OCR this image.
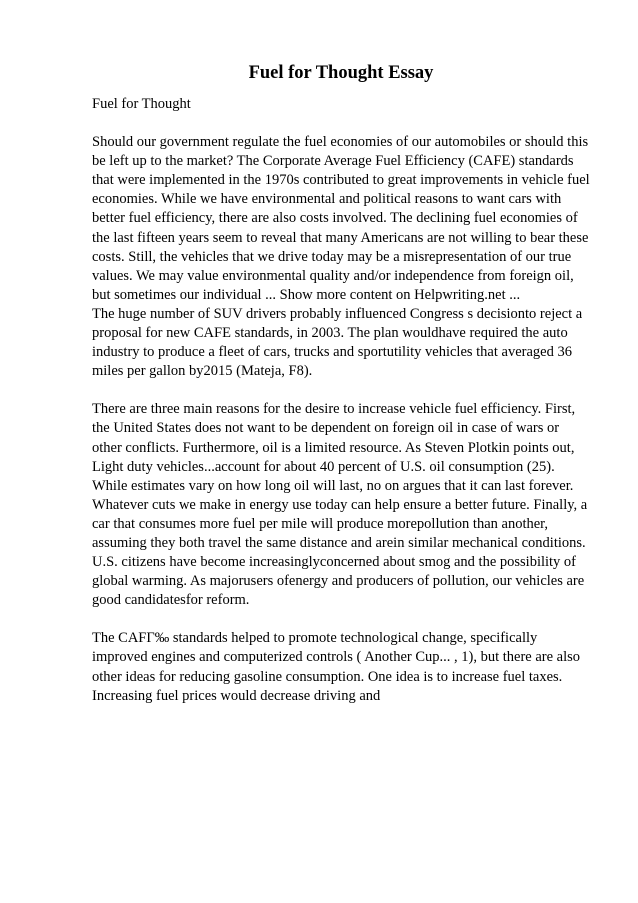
Fuel for Thought Essay

Fuel for Thought

Should our government regulate the fuel economies of our automobiles or should this
be left up to the market? The Corporate Average Fuel Efficiency (CAFE) standards
that were implemented in the 1970s contributed to great improvements in vehicle fuel
economies. While we have environmental and political reasons to want cars with
better fuel efficiency, there are also costs involved. The declining fuel economies of
the last fifteen years seem to reveal that many Americans are not willing to bear these
costs. Still, the vehicles that we drive today may be a misrepresentation of our true
values. We may value environmental quality and/or independence from foreign oil,
but sometimes our individual ... Show more content on Helpwriting.net ...

The huge number of SUV drivers probably influenced Congress s decisionto reject a
proposal for new CAFE standards, in 2003. The plan wouldhave required the auto
industry to produce a fleet of cars, trucks and sportutility vehicles that averaged 36
miles per gallon by2015 (Mateja, F8).

There are three main reasons for the desire to increase vehicle fuel efficiency. First,
the United States does not want to be dependent on foreign oil in case of wars or
other conflicts. Furthermore, oil is a limited resource. As Steven Plotkin points out,
Light duty vehicles...account for about 40 percent of U.S. oil consumption (25).
While estimates vary on how long oil will last, no on argues that it can last forever.
Whatever cuts we make in energy use today can help ensure a better future. Finally, a
car that consumes more fuel per mile will produce morepollution than another,
assuming they both travel the same distance and arein similar mechanical conditions.
U.S. citizens have become increasinglyconcerned about smog and the possibility of
global warming. As majorusers ofenergy and producers of pollution, our vehicles are
good candidatesfor reform.

The CAFГ‰ standards helped to promote technological change, specifically
improved engines and computerized controls ( Another Cup... , 1), but there are also
other ideas for reducing gasoline consumption. One idea is to increase fuel taxes.
Increasing fuel prices would decrease driving and
